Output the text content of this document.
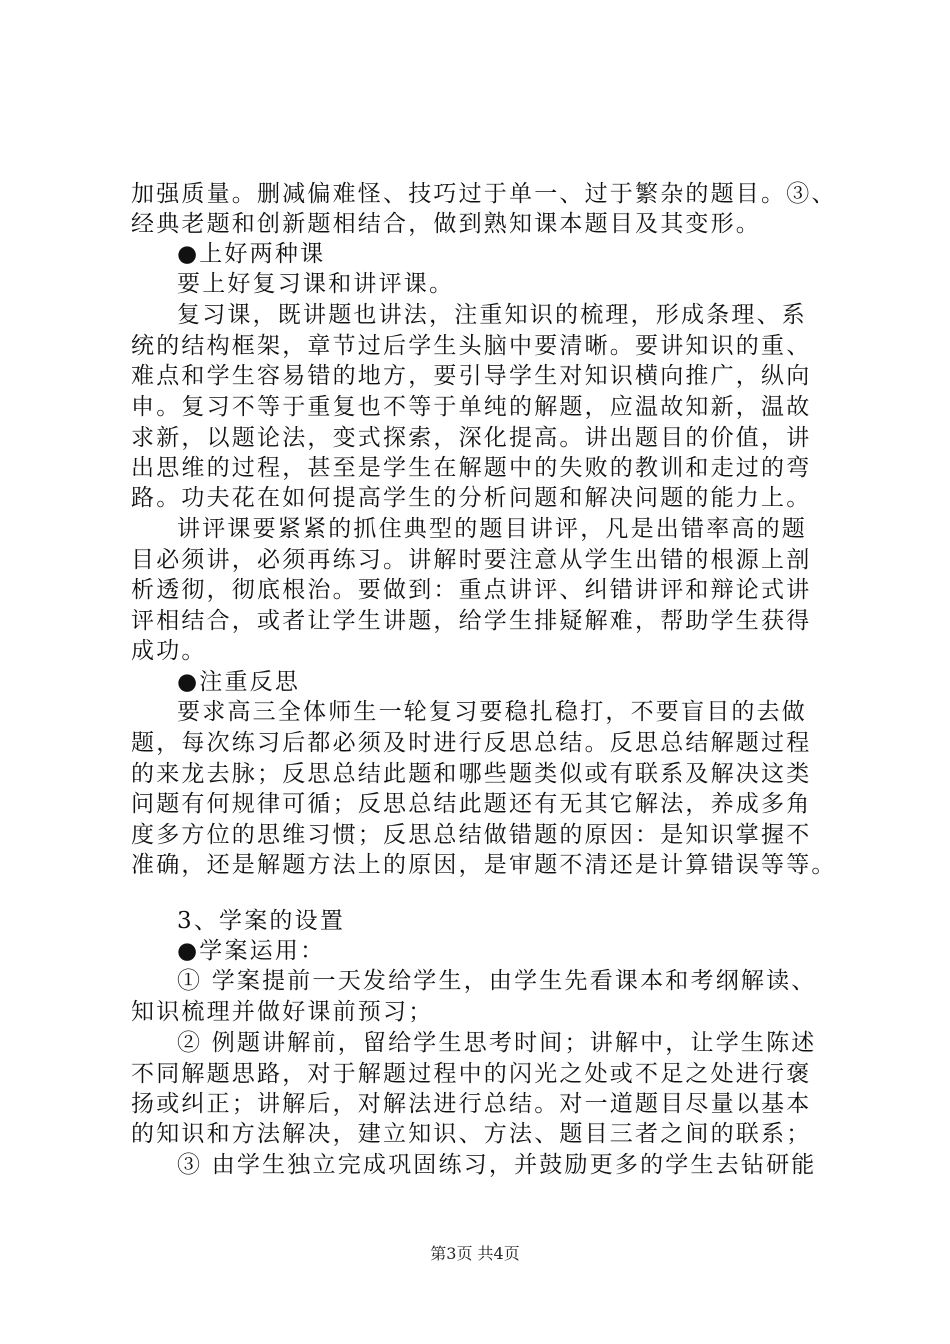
加强质量。删减偏难怪、技巧过于单一、过于繁杂的题目。③、
经典老题和创新题相结合，做到熟知课本题目及其变形。
●上好两种课
要上好复习课和讲评课。
复习课，既讲题也讲法，注重知识的梳理，形成条理、系
统的结构框架，章节过后学生头脑中要清晰。要讲知识的重、
难点和学生容易错的地方，要引导学生对知识横向推广，纵向
申。复习不等于重复也不等于单纯的解题，应温故知新，温故
求新，以题论法，变式探索，深化提高。讲出题目的价值，讲
出思维的过程，甚至是学生在解题中的失败的教训和走过的弯
路。功夫花在如何提高学生的分析问题和解决问题的能力上。
讲评课要紧紧的抓住典型的题目讲评，凡是出错率高的题
目必须讲，必须再练习。讲解时要注意从学生出错的根源上剖
析透彻，彻底根治。要做到：重点讲评、纠错讲评和辩论式讲
评相结合，或者让学生讲题，给学生排疑解难，帮助学生获得
成功。
●注重反思
要求高三全体师生一轮复习要稳扎稳打，不要盲目的去做
题，每次练习后都必须及时进行反思总结。反思总结解题过程
的来龙去脉；反思总结此题和哪些题类似或有联系及解决这类
问题有何规律可循；反思总结此题还有无其它解法，养成多角
度多方位的思维习惯；反思总结做错题的原因：是知识掌握不
准确，还是解题方法上的原因，是审题不清还是计算错误等等。
3、学案的设置
●学案运用：
① 学案提前一天发给学生，由学生先看课本和考纲解读、
知识梳理并做好课前预习；
② 例题讲解前，留给学生思考时间；讲解中，让学生陈述
不同解题思路，对于解题过程中的闪光之处或不足之处进行褒
扬或纠正；讲解后，对解法进行总结。对一道题目尽量以基本
的知识和方法解决，建立知识、方法、题目三者之间的联系；
③ 由学生独立完成巩固练习，并鼓励更多的学生去钻研能
第3页 共4页
